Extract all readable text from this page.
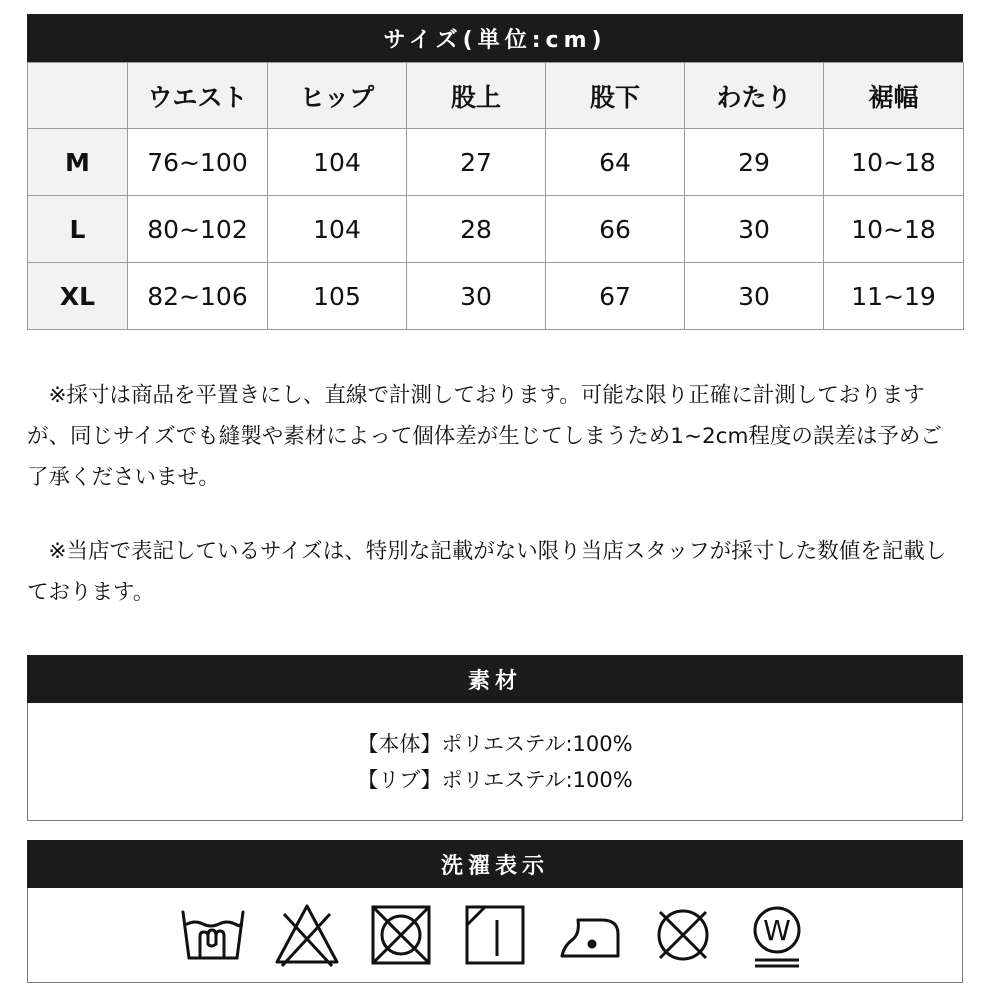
サイズ(単位:cm)
	ウエスト	ヒップ	股上	股下	わたり	裾幅
M	76~100	104	27	64	29	10~18
L	80~102	104	28	66	30	10~18
XL	82~106	105	30	67	30	11~19

※採寸は商品を平置きにし、直線で計測しております。可能な限り正確に計測しておりますが、同じサイズでも縫製や素材によって個体差が生じてしまうため1~2cm程度の誤差は予めご了承くださいませ。

※当店で表記しているサイズは、特別な記載がない限り当店スタッフが採寸した数値を記載しております。

素材
【本体】ポリエステル:100%
【リブ】ポリエステル:100%
洗濯表示
W
